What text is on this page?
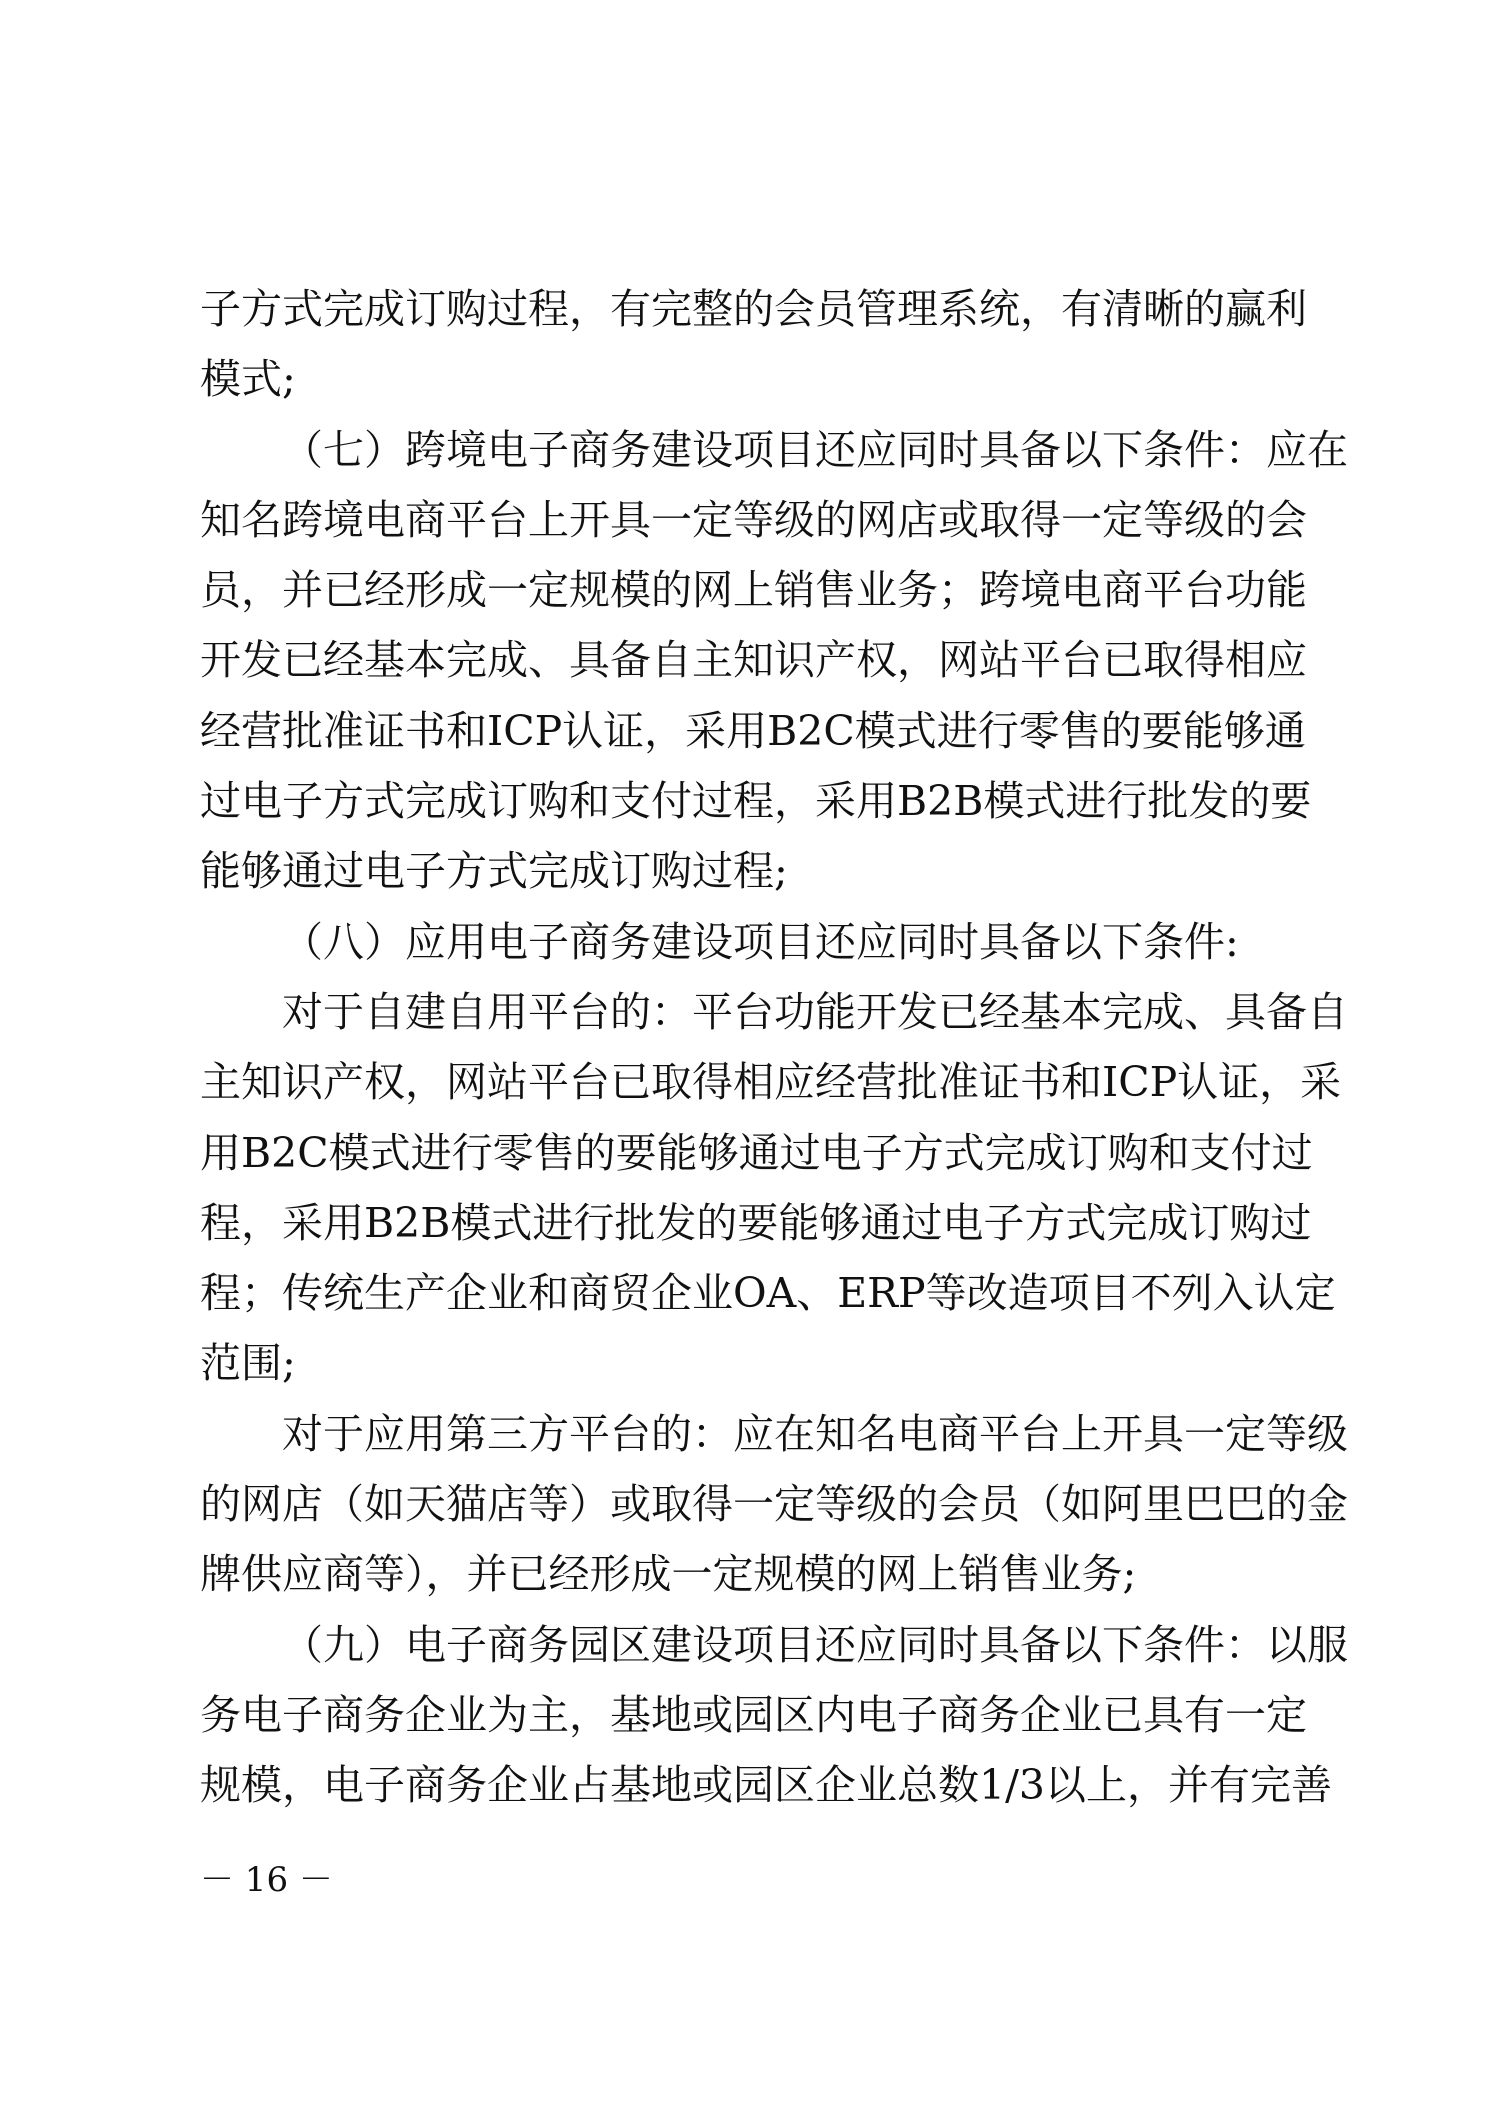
子 方 式 完 成 订 购 过 程 ， 有 完 整 的 会 员 管 理 系 统 ， 有 清 晰 的 赢 利
模式;
（ 七 ） 跨 境 电 子 商 务 建 设 项 目 还 应 同 时 具 备 以 下 条 件 ： 应 在
知 名 跨 境 电 商 平 台 上 开 具 一 定 等 级 的 网 店 或 取 得 一 定 等 级 的 会
员 ， 并 已 经 形 成 一 定 规 模 的 网 上 销 售 业 务 ； 跨 境 电 商 平 台 功 能
开 发 已 经 基 本 完 成 、 具 备 自 主 知 识 产 权 ， 网 站 平 台 已 取 得 相 应
经 营 批 准 证 书 和 ICP 认 证 ， 采 用 B2C 模 式 进 行 零 售 的 要 能 够 通
过 电 子 方 式 完 成 订 购 和 支 付 过 程 ， 采 用 B2B 模 式 进 行 批 发 的 要
能够通过电子方式完成订购过程;
（八）应用电子商务建设项目还应同时具备以下条件:
对 于 自 建 自 用 平 台 的 ： 平 台 功 能 开 发 已 经 基 本 完 成 、 具 备 自
主 知 识 产 权 ， 网 站 平 台 已 取 得 相 应 经 营 批 准 证 书 和 ICP 认 证 ， 采
用 B2C 模 式 进 行 零 售 的 要 能 够 通 过 电 子 方 式 完 成 订 购 和 支 付 过
程 ， 采 用 B2B 模 式 进 行 批 发 的 要 能 够 通 过 电 子 方 式 完 成 订 购 过
程 ； 传 统 生 产 企 业 和 商 贸 企 业 OA 、 ERP 等 改 造 项 目 不 列 入 认 定
范围;
对 于 应 用 第 三 方 平 台 的 ： 应 在 知 名 电 商 平 台 上 开 具 一 定 等 级
的 网 店 （ 如 天 猫 店 等 ） 或 取 得 一 定 等 级 的 会 员 （ 如 阿 里 巴 巴 的 金
牌供应商等），并已经形成一定规模的网上销售业务;
（ 九 ） 电 子 商 务 园 区 建 设 项 目 还 应 同 时 具 备 以 下 条 件 ： 以 服
务 电 子 商 务 企 业 为 主 ， 基 地 或 园 区 内 电 子 商 务 企 业 已 具 有 一 定
规 模 ， 电 子 商 务 企 业 占 基 地 或 园 区 企 业 总 数 1/3 以 上 ， 并 有 完 善
－ 16 －
